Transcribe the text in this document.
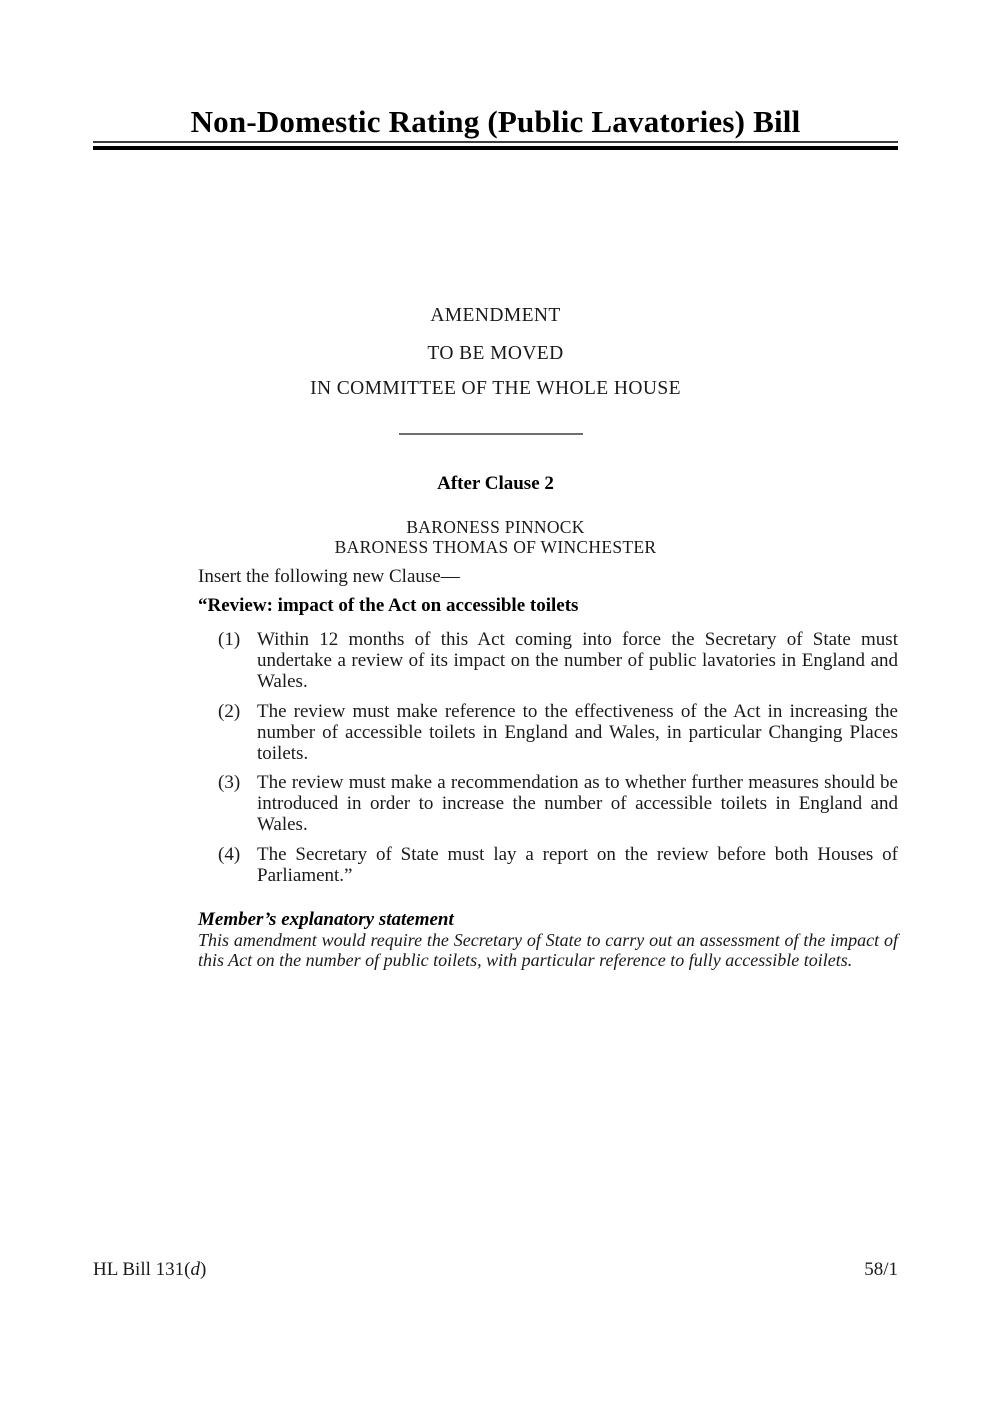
Non-Domestic Rating (Public Lavatories) Bill
AMENDMENT
TO BE MOVED
IN COMMITTEE OF THE WHOLE HOUSE
After Clause 2
BARONESS PINNOCK
BARONESS THOMAS OF WINCHESTER
Insert the following new Clause—
“Review: impact of the Act on accessible toilets
(1) Within 12 months of this Act coming into force the Secretary of State must undertake a review of its impact on the number of public lavatories in England and Wales.
(2) The review must make reference to the effectiveness of the Act in increasing the number of accessible toilets in England and Wales, in particular Changing Places toilets.
(3) The review must make a recommendation as to whether further measures should be introduced in order to increase the number of accessible toilets in England and Wales.
(4) The Secretary of State must lay a report on the review before both Houses of Parliament.”
Member’s explanatory statement
This amendment would require the Secretary of State to carry out an assessment of the impact of this Act on the number of public toilets, with particular reference to fully accessible toilets.
HL Bill 131(d)	58/1
